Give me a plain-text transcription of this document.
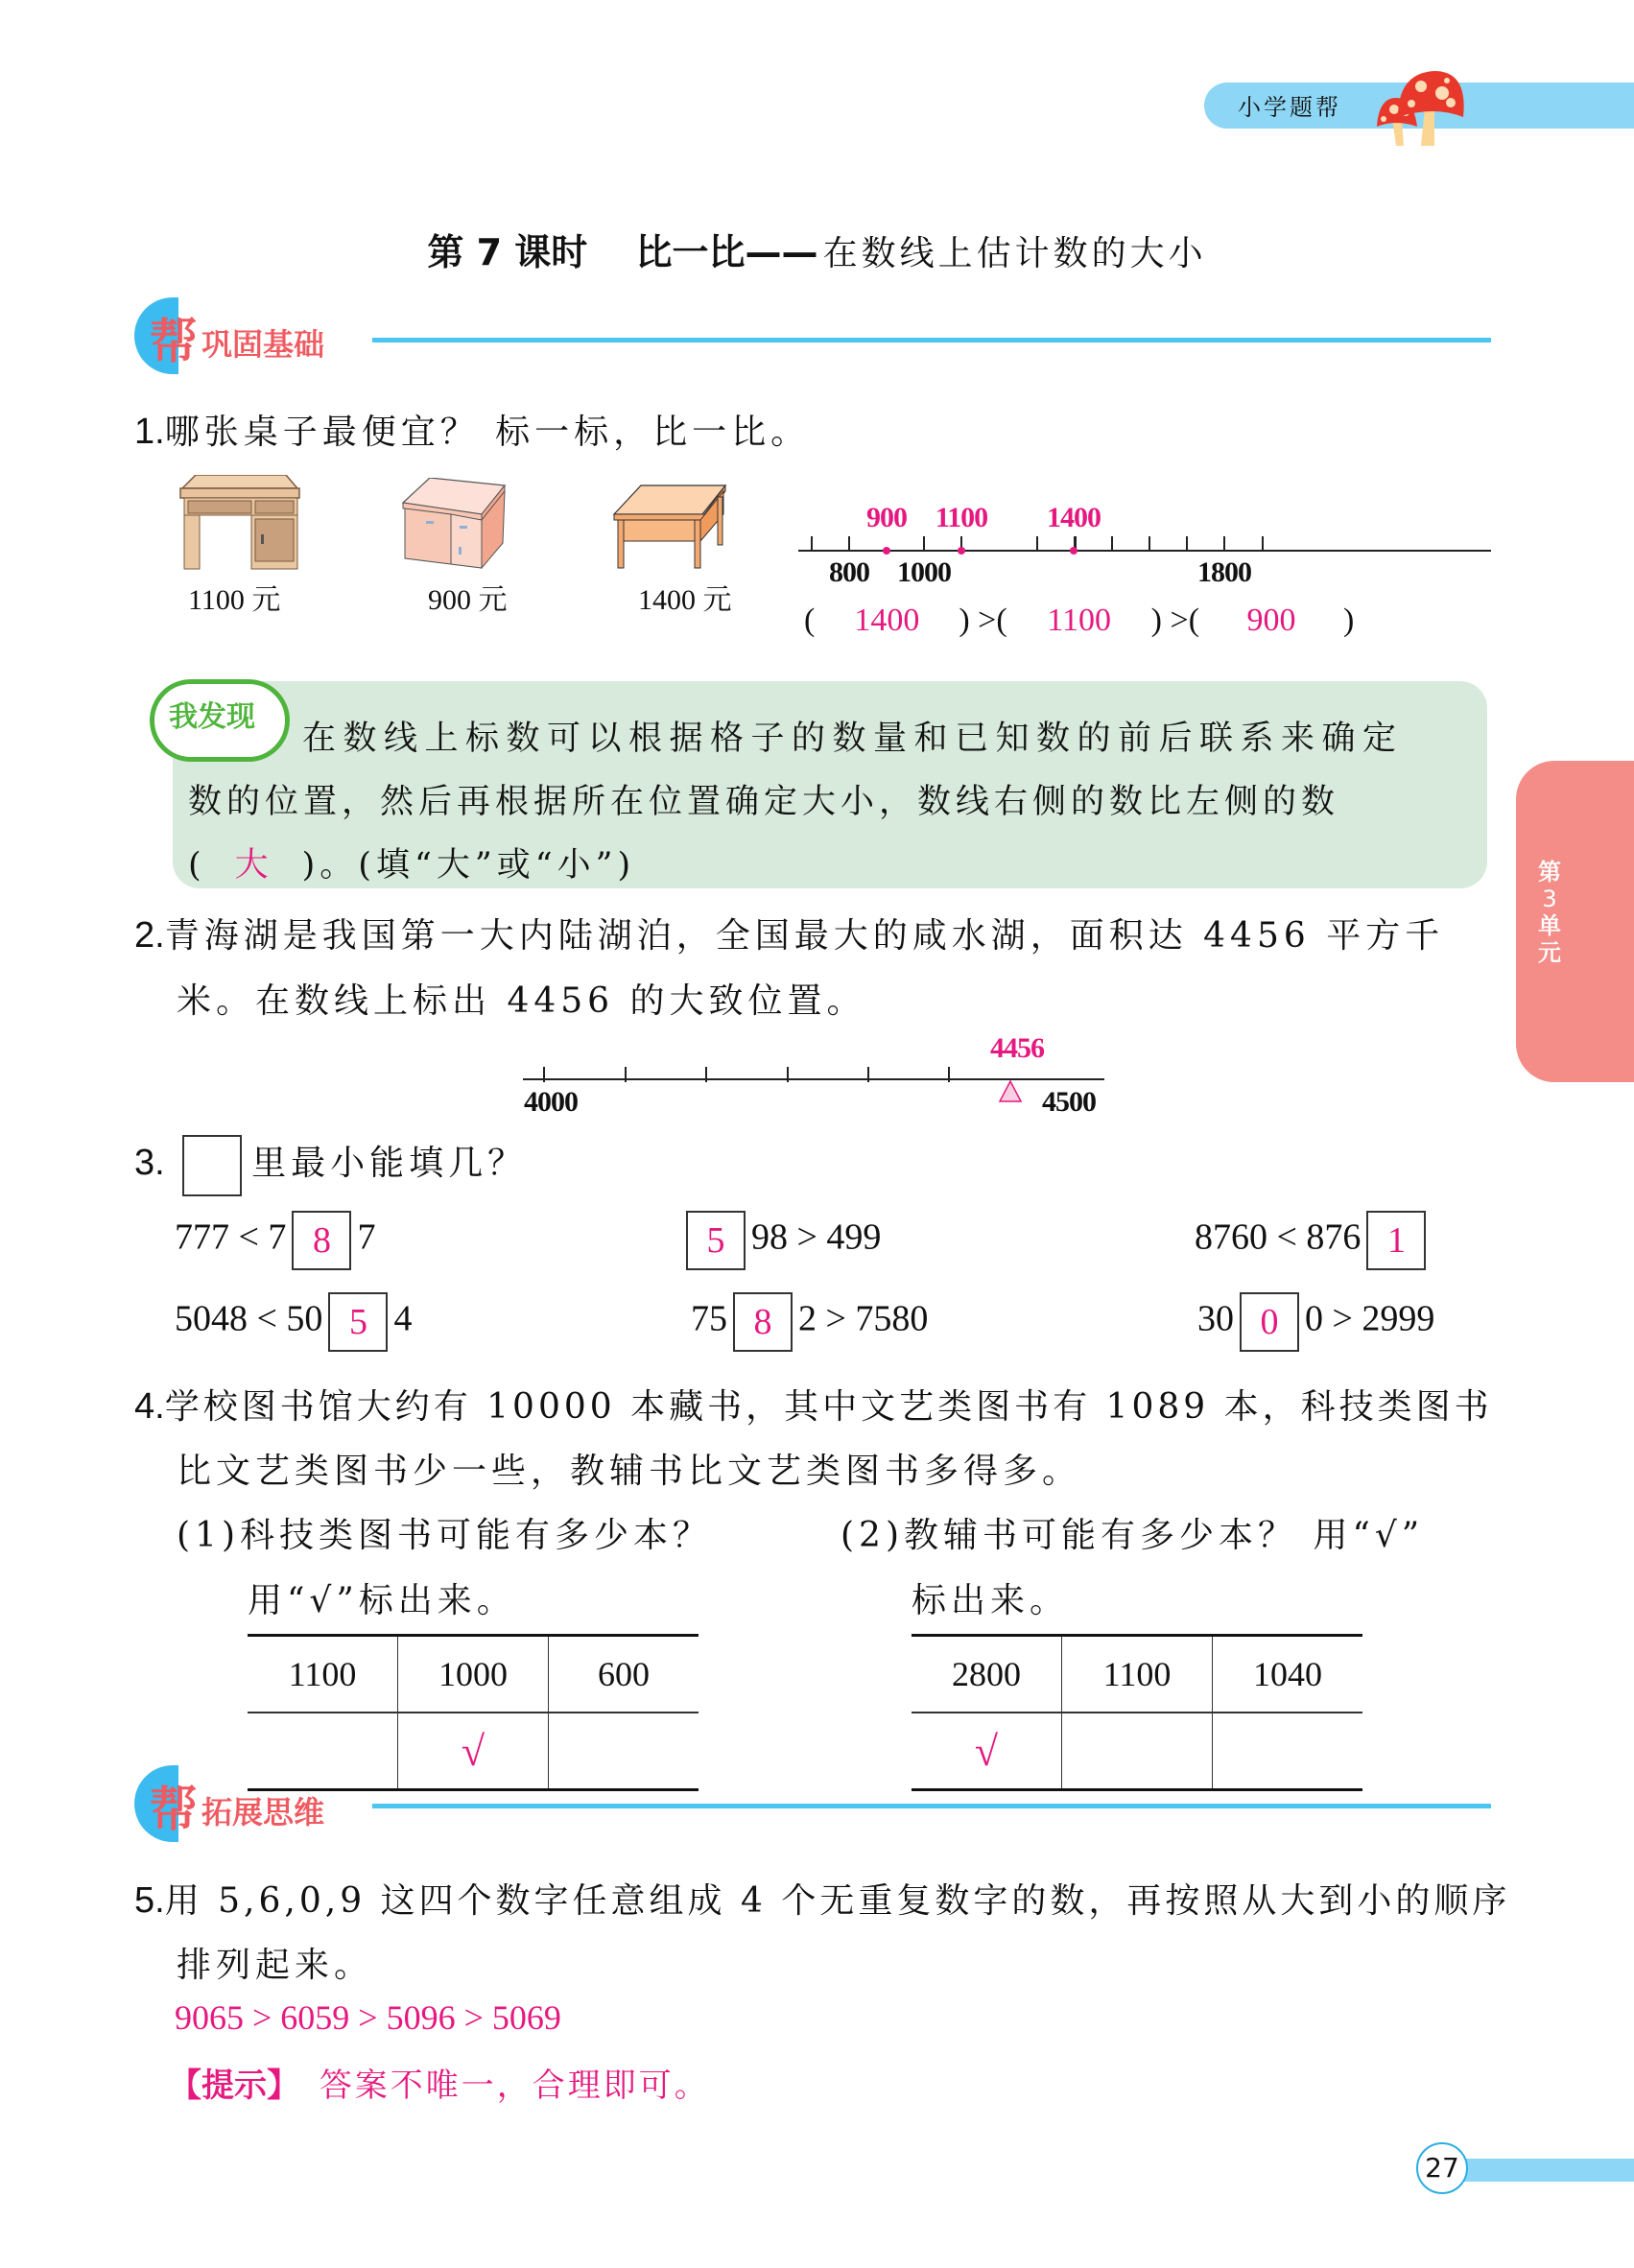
小学题帮
第 7 课时 比一比—— 在数线上估计数的大小
帮 巩固基础
1.哪张桌子最便宜？ 标一标，比一比。
1100 元	900 元	1400 元
800 1000	1800
900 1100 1400
( 1400 ) >( 1100 ) >( 900 )
我发现
在数线上标数可以根据格子的数量和已知数的前后联系来确定
数的位置，然后再根据所在位置确定大小，数线右侧的数比左侧的数
( 大 )。(填“大”或“小”)	第
3
单
元
2.青海湖是我国第一大内陆湖泊，全国最大的咸水湖，面积达 4456 平方千
米。在数线上标出 4456 的大致位置。
4000	4500
4456
3.	里最小能填几？
777 < 7 8 7	5 98 > 499	8760 < 876 1
5048 < 50 5 4	75 8 2 > 7580	30 0 0 > 2999
4.学校图书馆大约有 10000 本藏书，其中文艺类图书有 1089 本，科技类图书
比文艺类图书少一些，教辅书比文艺类图书多得多。
(1)科技类图书可能有多少本？
用“√”标出来。
(2)教辅书可能有多少本？ 用“√”
标出来。
1100	1000	600
	√	
2800	1100	1040
√		
帮 拓展思维
5.用 5,6,0,9 这四个数字任意组成 4 个无重复数字的数，再按照从大到小的顺序
排列起来。
9065 > 6059 > 5096 > 5069
【提示】 答案不唯一，合理即可。
27
